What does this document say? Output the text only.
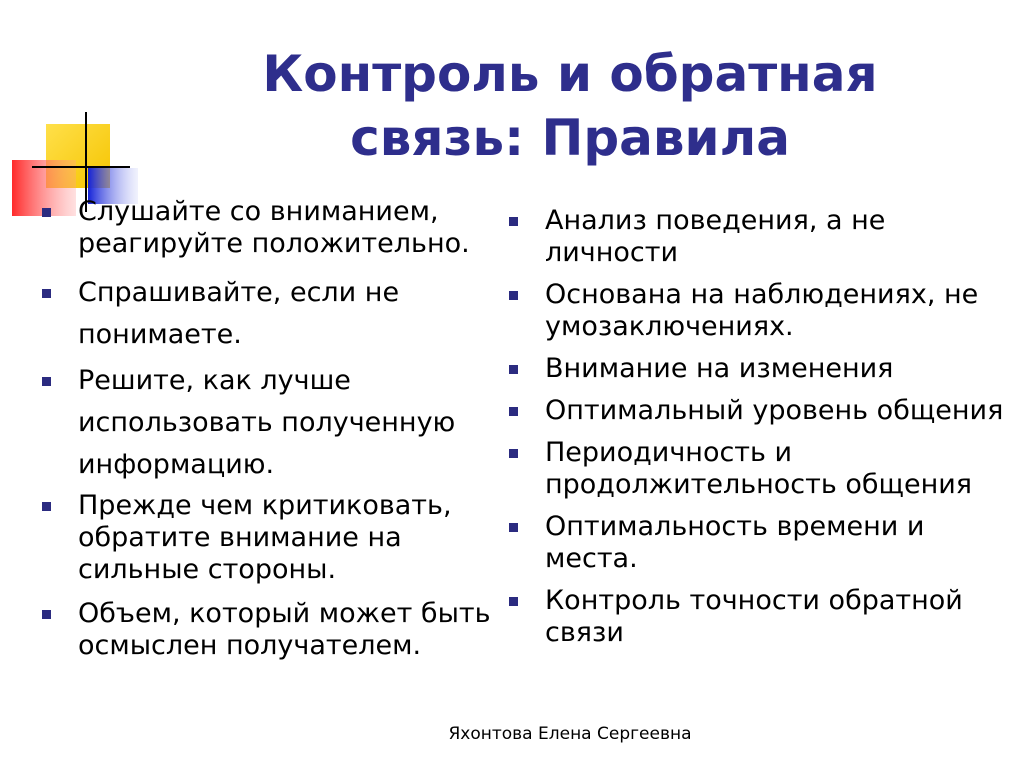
Контроль и обратная
связь: Правила
Слушайте со вниманием, реагируйте положительно.
Спрашивайте, если не понимаете.
Решите, как лучше использовать полученную информацию.
Прежде чем критиковать, обратите внимание на сильные стороны.
Объем, который может быть осмыслен получателем.
Анализ поведения, а не личности
Основана на наблюдениях, не умозаключениях.
Внимание на изменения
Оптимальный уровень общения
Периодичность и продолжительность общения
Оптимальность времени и места.
Контроль точности обратной связи
Яхонтова Елена Сергеевна
